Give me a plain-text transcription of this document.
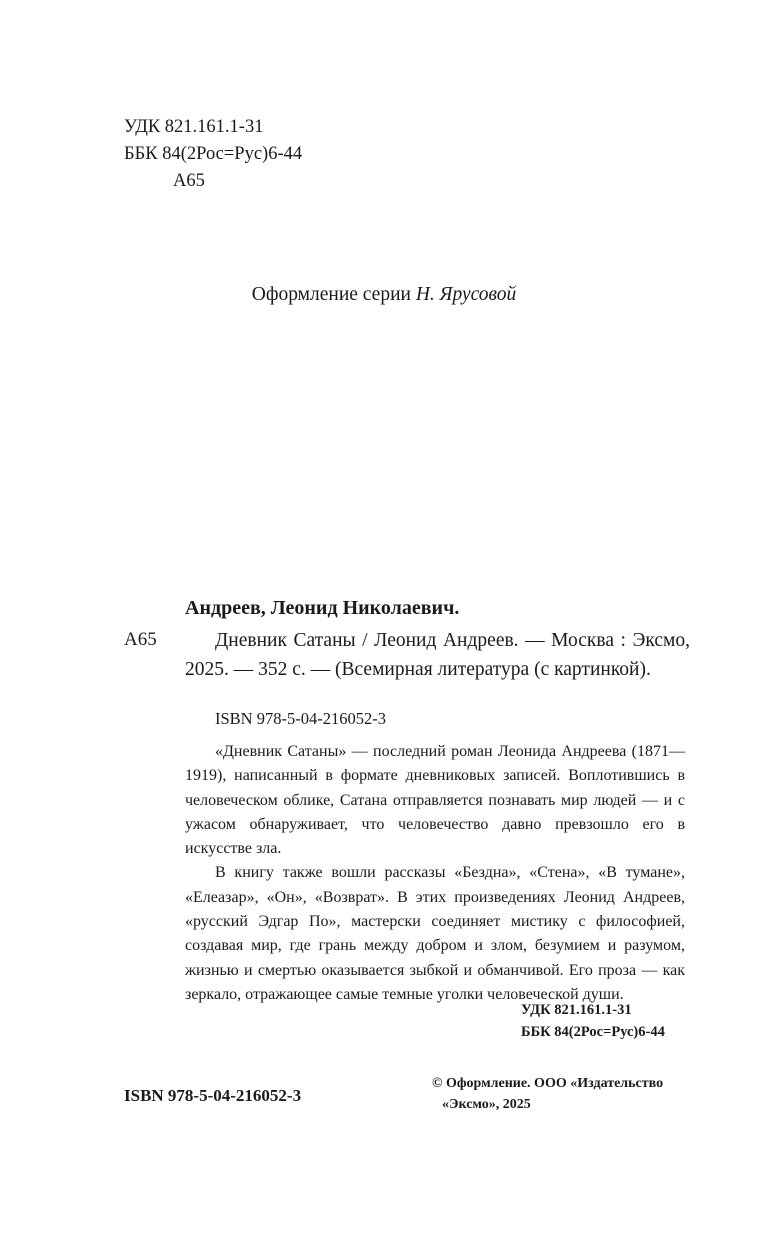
УДК 821.161.1-31
ББК 84(2Рос=Рус)6-44
А65
Оформление серии Н. Ярусовой
Андреев, Леонид Николаевич.
А65	Дневник Сатаны / Леонид Андреев. — Москва : Эксмо, 2025. — 352 с. — (Всемирная литература (с картинкой).
ISBN 978-5-04-216052-3

«Дневник Сатаны» — последний роман Леонида Андреева (1871—1919), написанный в формате дневниковых записей. Воплотившись в человеческом облике, Сатана отправляется познавать мир людей — и с ужасом обнаруживает, что человечество давно превзошло его в искусстве зла.

В книгу также вошли рассказы «Бездна», «Стена», «В тумане», «Елеазар», «Он», «Возврат». В этих произведениях Леонид Андреев, «русский Эдгар По», мастерски соединяет мистику с философией, создавая мир, где грань между добром и злом, безумием и разумом, жизнью и смертью оказывается зыбкой и обманчивой. Его проза — как зеркало, отражающее самые темные уголки человеческой души.

УДК 821.161.1-31
ББК 84(2Рос=Рус)6-44
ISBN 978-5-04-216052-3
© Оформление. ООО «Издательство
«Эксмо», 2025
